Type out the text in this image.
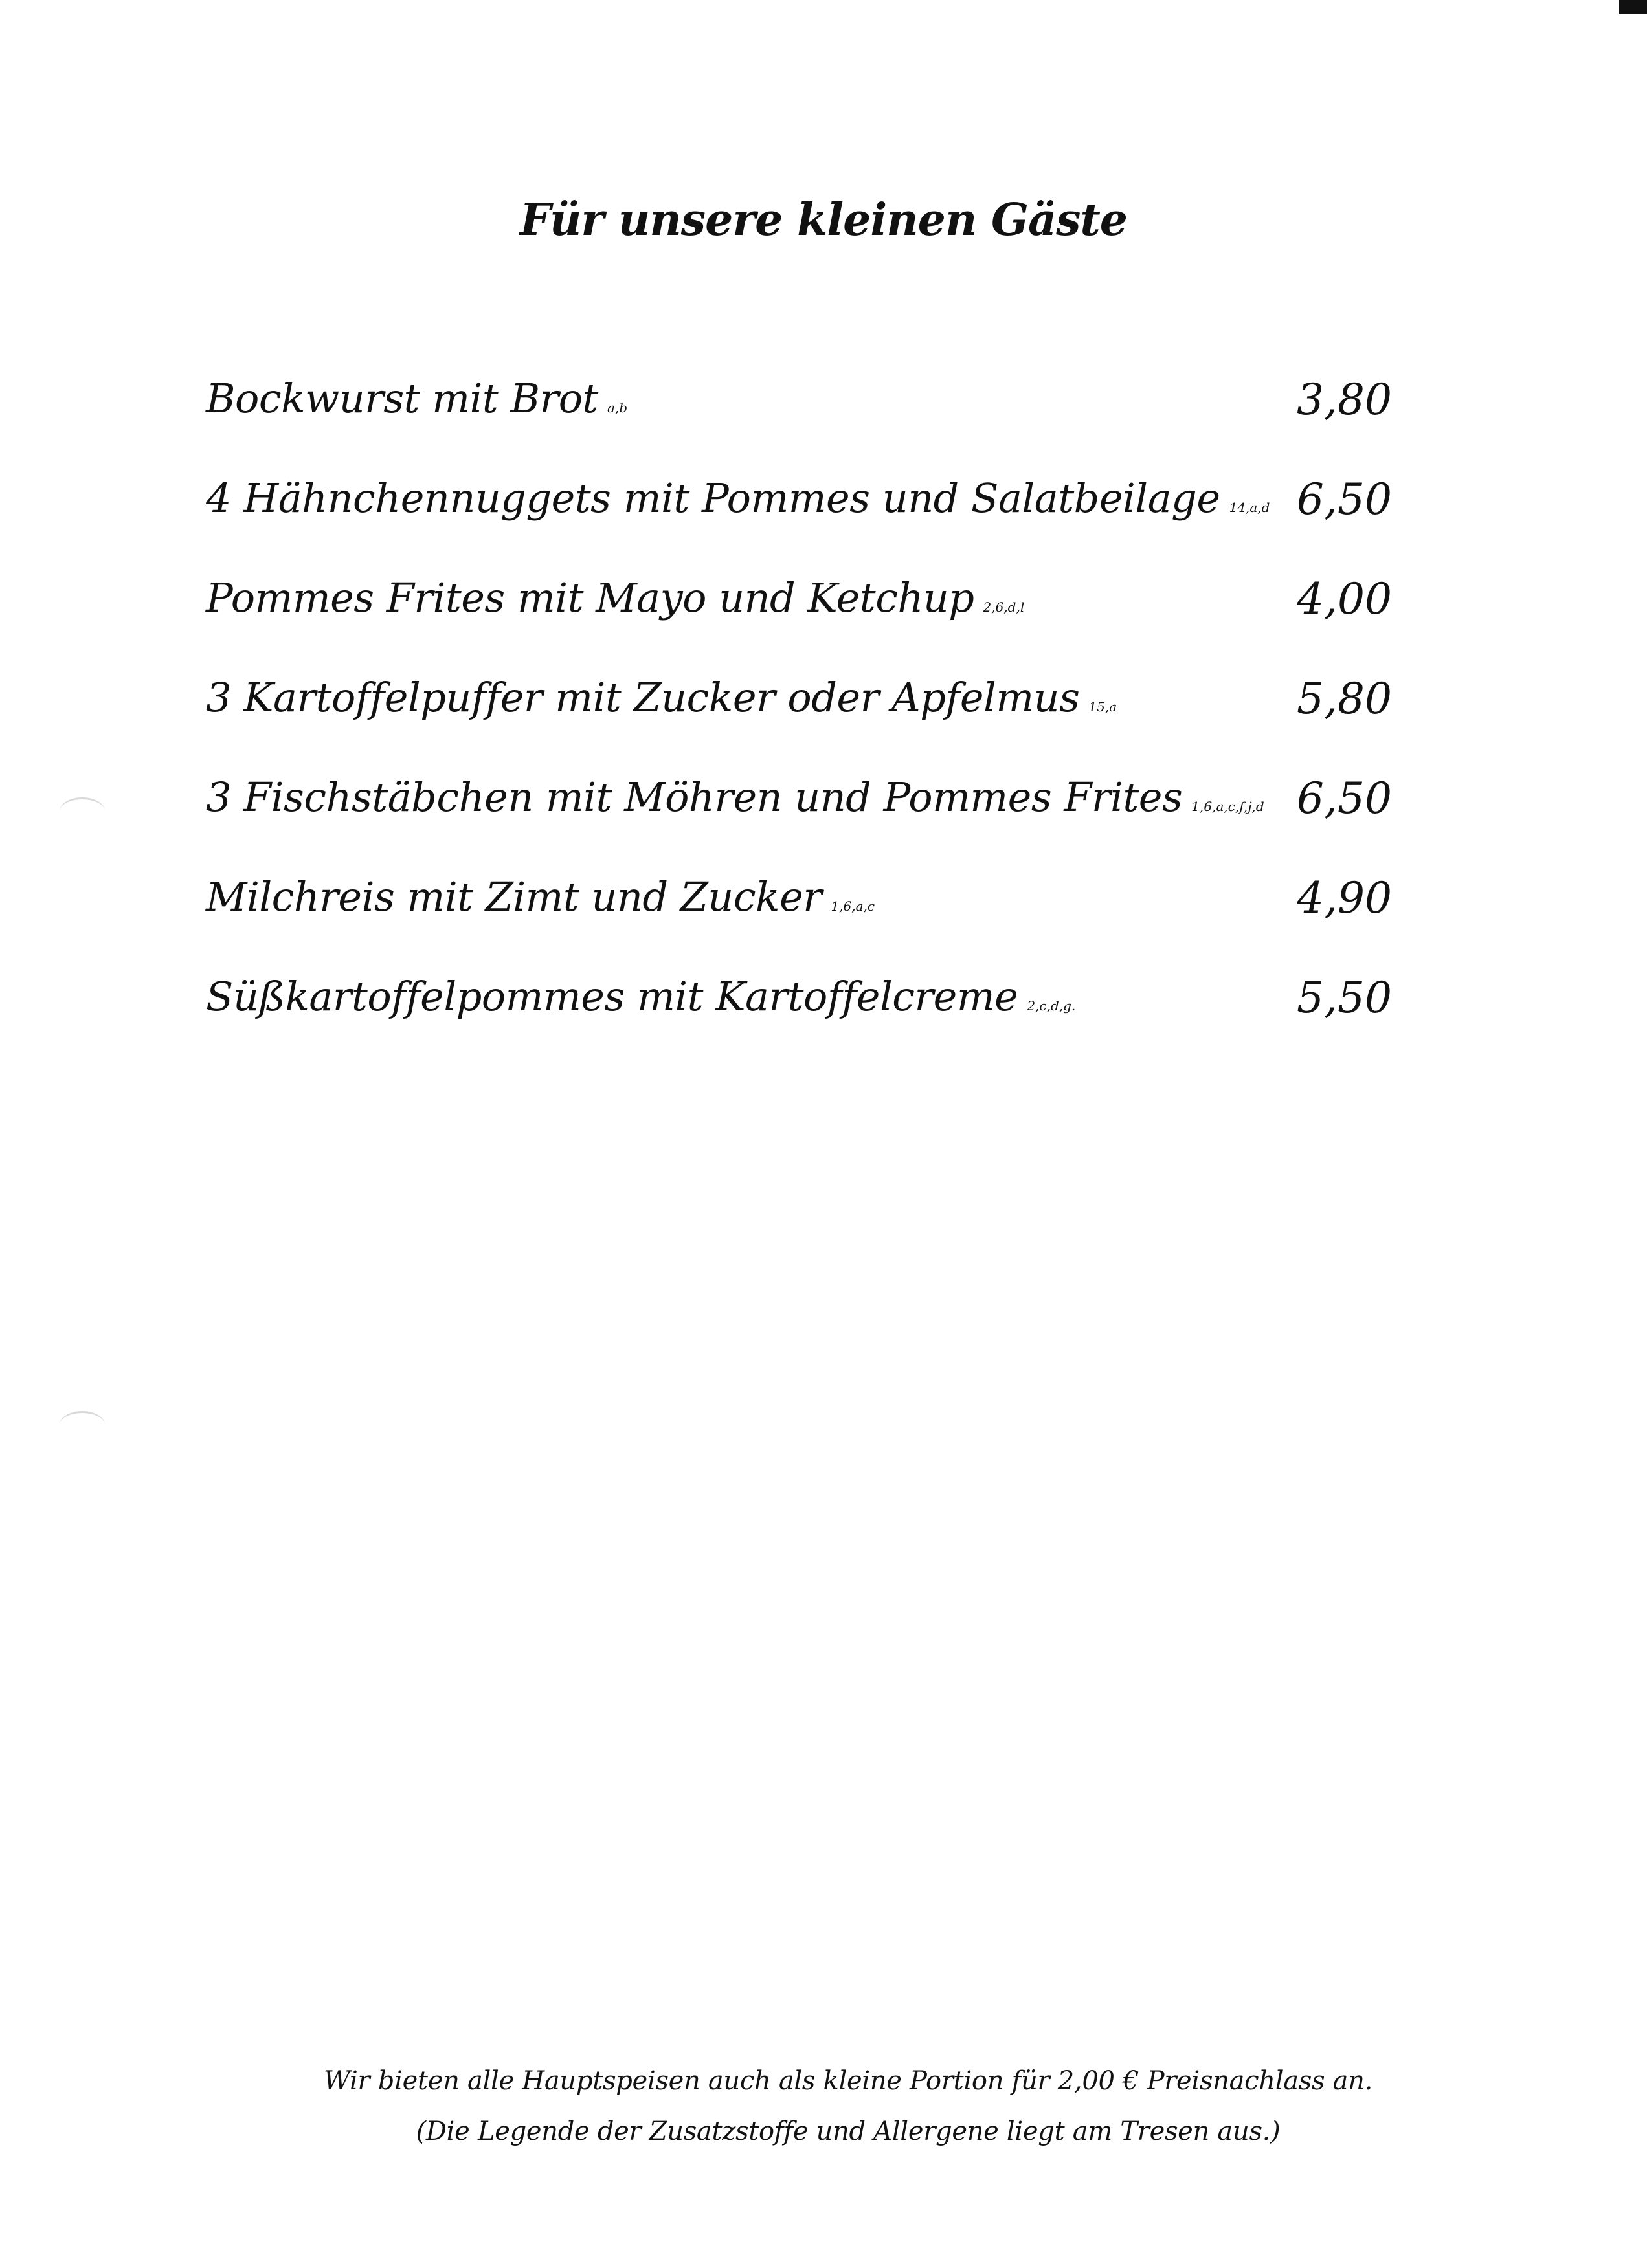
Für unsere kleinen Gäste
Bockwurst mit Brot a,b	3,80
4 Hähnchennuggets mit Pommes und Salatbeilage 14,a,d 6,50
Pommes Frites mit Mayo und Ketchup 2,6,d,l	4,00
3 Kartoffelpuffer mit Zucker oder Apfelmus 15,a	5,80
3 Fischstäbchen mit Möhren und Pommes Frites 1,6,a,c,f,j,d 6,50
Milchreis mit Zimt und Zucker 1,6,a,c	4,90
Süßkartoffelpommes mit Kartoffelcreme 2,c,d,g.	5,50
Wir bieten alle Hauptspeisen auch als kleine Portion für 2,00 € Preisnachlass an.
(Die Legende der Zusatzstoffe und Allergene liegt am Tresen aus.)
